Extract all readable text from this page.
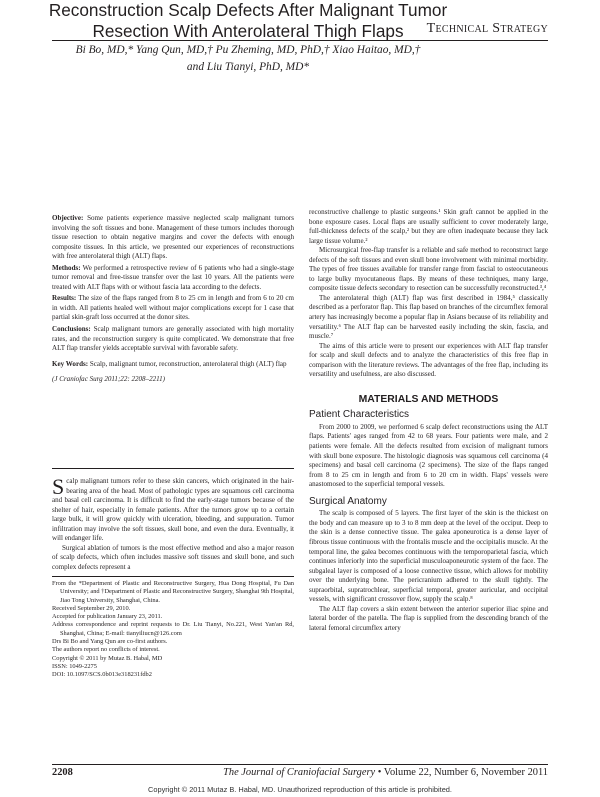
Technical Strategy
Reconstruction Scalp Defects After Malignant Tumor
Resection With Anterolateral Thigh Flaps
Bi Bo, MD,* Yang Qun, MD,† Pu Zheming, MD, PhD,† Xiao Haitao, MD,†
and Liu Tianyi, PhD, MD*

Objective: Some patients experience massive neglected scalp malignant tumors involving the soft tissues and bone. Management of these tumors includes thorough tissue resection to obtain negative margins and cover the defects with enough composite tissues. In this article, we presented our experiences of reconstructions with free anterolateral thigh (ALT) flaps.

Methods: We performed a retrospective review of 6 patients who had a single-stage tumor removal and free-tissue transfer over the last 10 years. All the patients were treated with ALT flaps with or without fascia lata according to the defects.

Results: The size of the flaps ranged from 8 to 25 cm in length and from 6 to 20 cm in width. All patients healed well without major complications except for 1 case that partial skin-graft loss occurred at the donor sites.

Conclusions: Scalp malignant tumors are generally associated with high mortality rates, and the reconstruction surgery is quite complicated. We demonstrate that free ALT flap transfer yields acceptable survival with favorable safety.

Key Words: Scalp, malignant tumor, reconstruction, anterolateral thigh (ALT) flap

(J Craniofac Surg 2011;22: 2208–2211)

Scalp malignant tumors refer to these skin cancers, which originated in the hair-bearing area of the head. Most of pathologic types are squamous cell carcinoma and basal cell carcinoma. It is difficult to find the early-stage tumors because of the shelter of hair, especially in female patients. After the tumors grow up to a certain large bulk, it will grow quickly with ulceration, bleeding, and suppuration. Tumor infiltration may involve the soft tissues, skull bone, and even the dura. Eventually, it will endanger life.

Surgical ablation of tumors is the most effective method and also a major reason of scalp defects, which often includes massive soft tissues and skull bone, and such complex defects represent a

From the *Department of Plastic and Reconstructive Surgery, Hua Dong Hospital, Fu Dan University; and †Department of Plastic and Reconstructive Surgery, Shanghai 9th Hospital, Jiao Tong University, Shanghai, China.

Received September 29, 2010.

Accepted for publication January 23, 2011.

Address correspondence and reprint requests to Dr. Liu Tianyi, No.221, West Yan'an Rd, Shanghai, China; E-mail: tianyiliucn@126.com

Drs Bi Bo and Yang Qun are co-first authors.

The authors report no conflicts of interest.

Copyright © 2011 by Mutaz B. Habal, MD

ISSN: 1049-2275

DOI: 10.1097/SCS.0b013e318231fdb2

reconstructive challenge to plastic surgeons.¹ Skin graft cannot be applied in the bone exposure cases. Local flaps are usually sufficient to cover moderately large, full-thickness defects of the scalp,² but they are often inadequate because they lack large tissue volume.²

Microsurgical free-flap transfer is a reliable and safe method to reconstruct large defects of the soft tissues and even skull bone involvement with minimal morbidity. The types of free tissues available for transfer range from fascial to osteocutaneous to large bulky myocutaneous flaps. By means of these techniques, many large, composite tissue defects secondary to resection can be successfully reconstructed.³,⁴

The anterolateral thigh (ALT) flap was first described in 1984,⁵ classically described as a perforator flap. This flap based on branches of the circumflex femoral artery has increasingly become a popular flap in Asians because of its reliability and versatility.⁶ The ALT flap can be harvested easily including the skin, fascia, and muscle.⁷

The aims of this article were to present our experiences with ALT flap transfer for scalp and skull defects and to analyze the characteristics of this free flap in comparison with the literature reviews. The advantages of the free flap, including its versatility and usefulness, are also discussed.

MATERIALS AND METHODS

Patient Characteristics

From 2000 to 2009, we performed 6 scalp defect reconstructions using the ALT flaps. Patients' ages ranged from 42 to 68 years. Four patients were male, and 2 patients were female. All the defects resulted from excision of malignant tumors with skull bone exposure. The histologic diagnosis was squamous cell carcinoma (4 specimens) and basal cell carcinoma (2 specimens). The size of the flaps ranged from 8 to 25 cm in length and from 6 to 20 cm in width. Flaps' vessels were anastomosed to the superficial temporal vessels.

Surgical Anatomy

The scalp is composed of 5 layers. The first layer of the skin is the thickest on the body and can measure up to 3 to 8 mm deep at the level of the occiput. Deep to the skin is a dense connective tissue. The galea aponeurotica is a dense layer of fibrous tissue continuous with the frontalis muscle and the occipitalis muscle. At the temporal line, the galea becomes continuous with the temporoparietal fascia, which continues inferiorly into the superficial musculoaponeurotic system of the face. The subgaleal layer is composed of a loose connective tissue, which allows for mobility over the underlying bone. The pericranium adhered to the skull tightly. The supraorbital, supratrochlear, superficial temporal, greater auricular, and occipital vessels, with significant crossover flow, supply the scalp.⁸

The ALT flap covers a skin extent between the anterior superior iliac spine and lateral border of the patella. The flap is supplied from the descending branch of the lateral femoral circumflex artery

2208	The Journal of Craniofacial Surgery • Volume 22, Number 6, November 2011
Copyright © 2011 Mutaz B. Habal, MD. Unauthorized reproduction of this article is prohibited.
